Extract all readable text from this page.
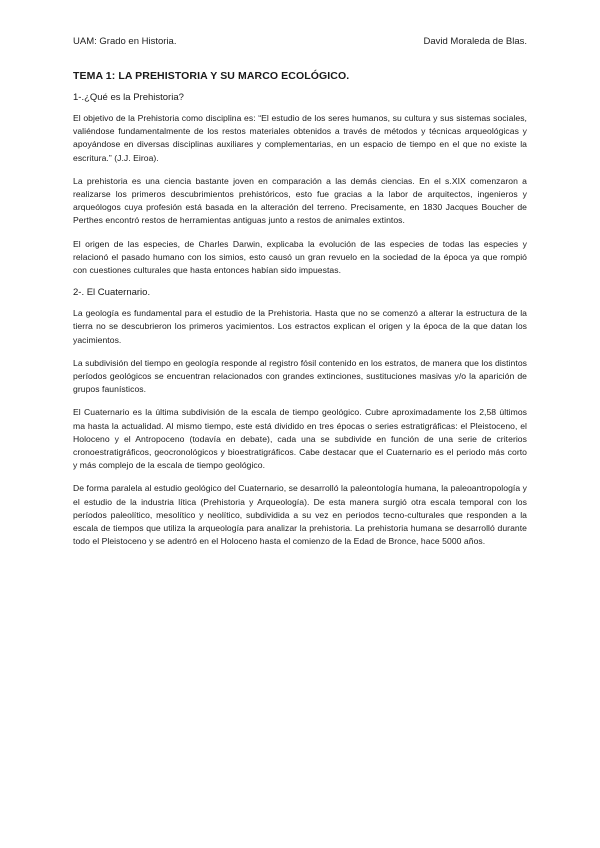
UAM: Grado en Historia.	David Moraleda de Blas.
TEMA 1: LA PREHISTORIA Y SU MARCO ECOLÓGICO.
1-.¿Qué es la Prehistoria?

El objetivo de la Prehistoria como disciplina es: “El estudio de los seres humanos, su cultura y sus sistemas sociales, valiéndose fundamentalmente de los restos materiales obtenidos a través de métodos y técnicas arqueológicas y apoyándose en diversas disciplinas auxiliares y complementarias, en un espacio de tiempo en el que no existe la escritura.” (J.J. Eiroa).

La prehistoria es una ciencia bastante joven en comparación a las demás ciencias. En el s.XIX comenzaron a realizarse los primeros descubrimientos prehistóricos, esto fue gracias a la labor de arquitectos, ingenieros y arqueólogos cuya profesión está basada en la alteración del terreno. Precisamente, en 1830 Jacques Boucher de Perthes encontró restos de herramientas antiguas junto a restos de animales extintos.

El origen de las especies, de Charles Darwin, explicaba la evolución de las especies de todas las especies y relacionó el pasado humano con los simios, esto causó un gran revuelo en la sociedad de la época ya que rompió con cuestiones culturales que hasta entonces habían sido impuestas.

2-. El Cuaternario.

La geología es fundamental para el estudio de la Prehistoria. Hasta que no se comenzó a alterar la estructura de la tierra no se descubrieron los primeros yacimientos. Los estractos explican el origen y la época de la que datan los yacimientos.

La subdivisión del tiempo en geología responde al registro fósil contenido en los estratos, de manera que los distintos períodos geológicos se encuentran relacionados con grandes extinciones, sustituciones masivas y/o la aparición de grupos faunísticos.

El Cuaternario es la última subdivisión de la escala de tiempo geológico. Cubre aproximadamente los 2,58 últimos ma hasta la actualidad. Al mismo tiempo, este está dividido en tres épocas o series estratigráficas: el Pleistoceno, el Holoceno y el Antropoceno (todavía en debate), cada una se subdivide en función de una serie de criterios cronoestratigráficos, geocronológicos y bioestratigráficos. Cabe destacar que el Cuaternario es el periodo más corto y más complejo de la escala de tiempo geológico.

De forma paralela al estudio geológico del Cuaternario, se desarrolló la paleontología humana, la paleoantropología y el estudio de la industria lítica (Prehistoria y Arqueología). De esta manera surgió otra escala temporal con los períodos paleolítico, mesolítico y neolítico, subdividida a su vez en periodos tecno-culturales que responden a la escala de tiempos que utiliza la arqueología para analizar la prehistoria. La prehistoria humana se desarrolló durante todo el Pleistoceno y se adentró en el Holoceno hasta el comienzo de la Edad de Bronce, hace 5000 años.
